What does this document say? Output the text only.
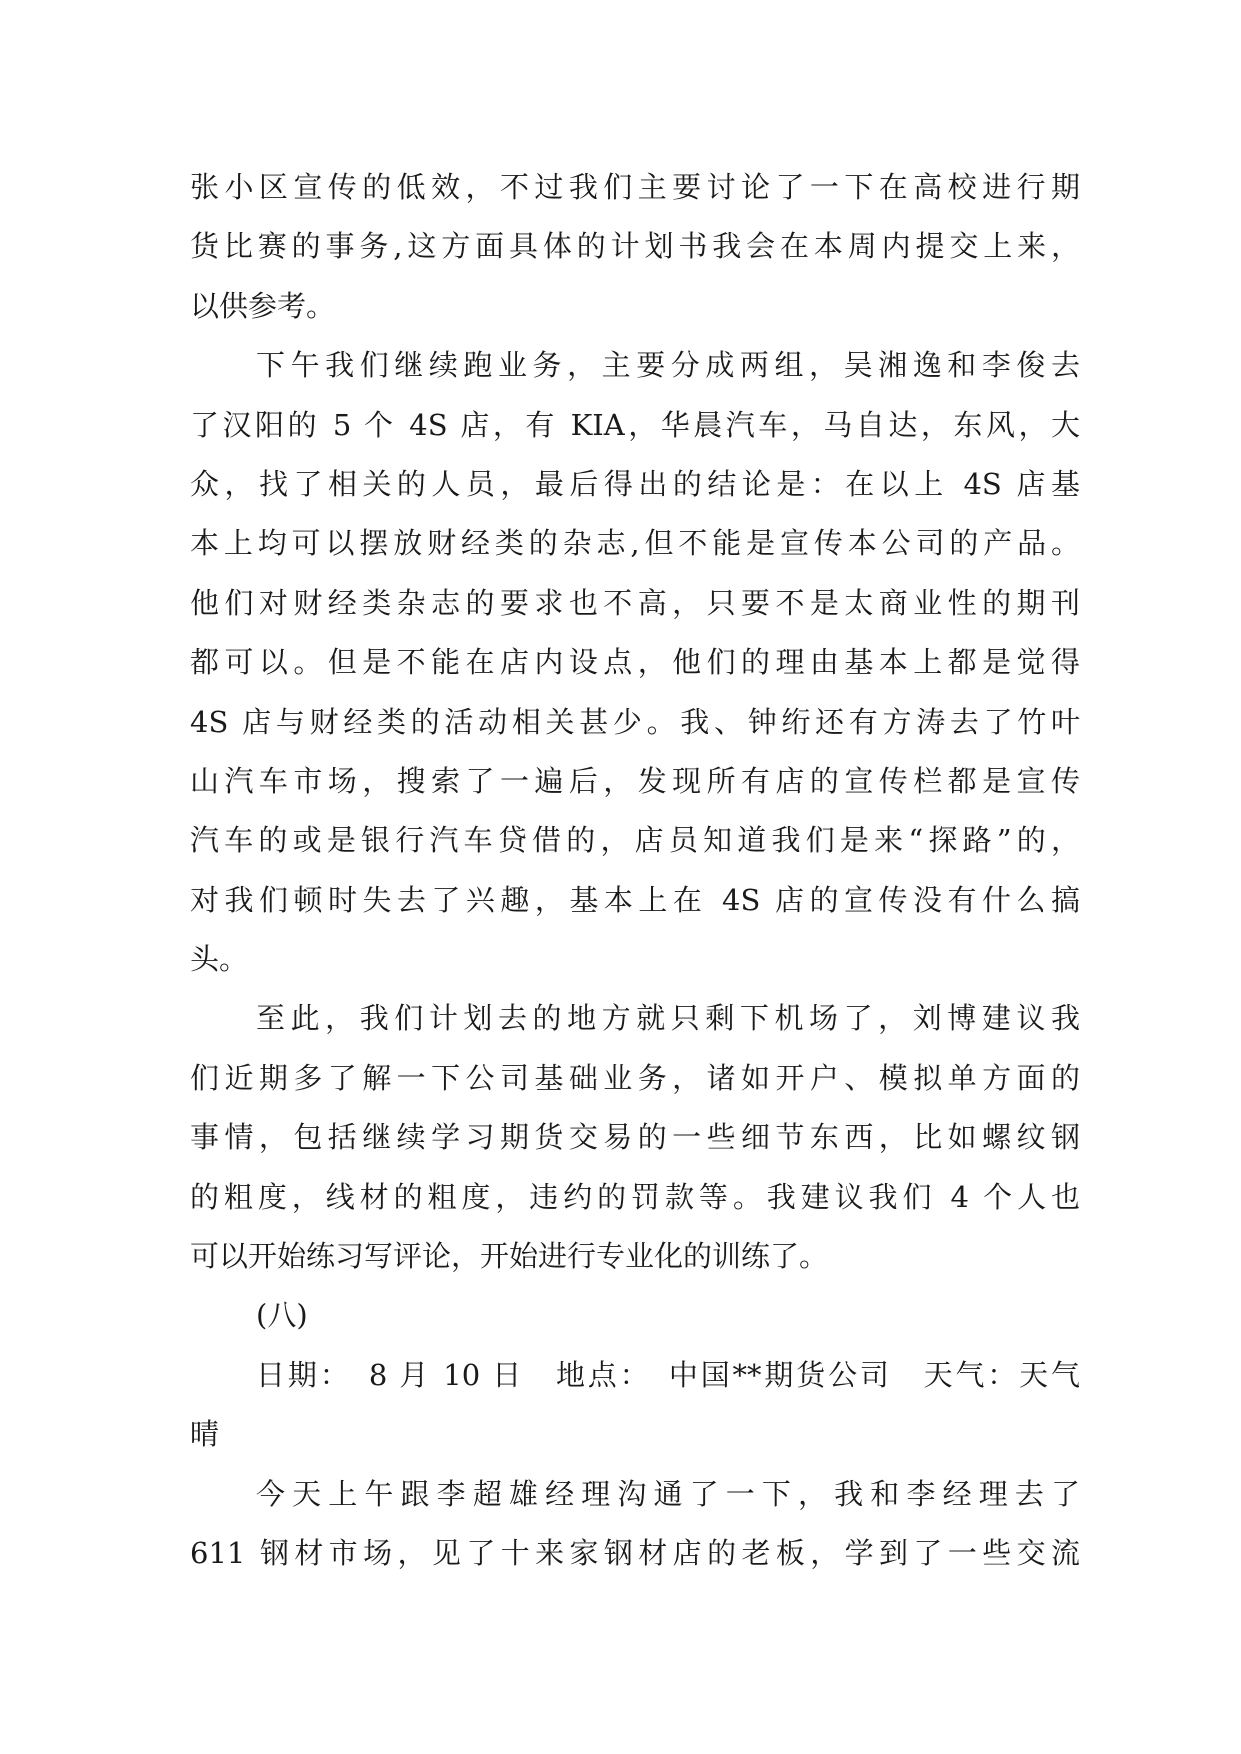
张小区宣传的低效，不过我们主要讨论了一下在高校进行期
货比赛的事务,这方面具体的计划书我会在本周内提交上来，
以供参考。
下午我们继续跑业务，主要分成两组，吴湘逸和李俊去
了汉阳的 5 个 4S 店，有 KIA，华晨汽车，马自达，东风，大
众，找了相关的人员，最后得出的结论是：在以上 4S 店基
本上均可以摆放财经类的杂志,但不能是宣传本公司的产品。
他们对财经类杂志的要求也不高，只要不是太商业性的期刊
都可以。但是不能在店内设点，他们的理由基本上都是觉得
4S 店与财经类的活动相关甚少。我、钟绗还有方涛去了竹叶
山汽车市场，搜索了一遍后，发现所有店的宣传栏都是宣传
汽车的或是银行汽车贷借的，店员知道我们是来“探路”的，
对我们顿时失去了兴趣，基本上在 4S 店的宣传没有什么搞
头。
至此，我们计划去的地方就只剩下机场了，刘博建议我
们近期多了解一下公司基础业务，诸如开户、模拟单方面的
事情，包括继续学习期货交易的一些细节东西，比如螺纹钢
的粗度，线材的粗度，违约的罚款等。我建议我们 4 个人也
可以开始练习写评论，开始进行专业化的训练了。
(八)
日期：　8 月 10 日　地点：　中国**期货公司　天气：天气
晴
今天上午跟李超雄经理沟通了一下，我和李经理去了
611 钢材市场，见了十来家钢材店的老板，学到了一些交流
